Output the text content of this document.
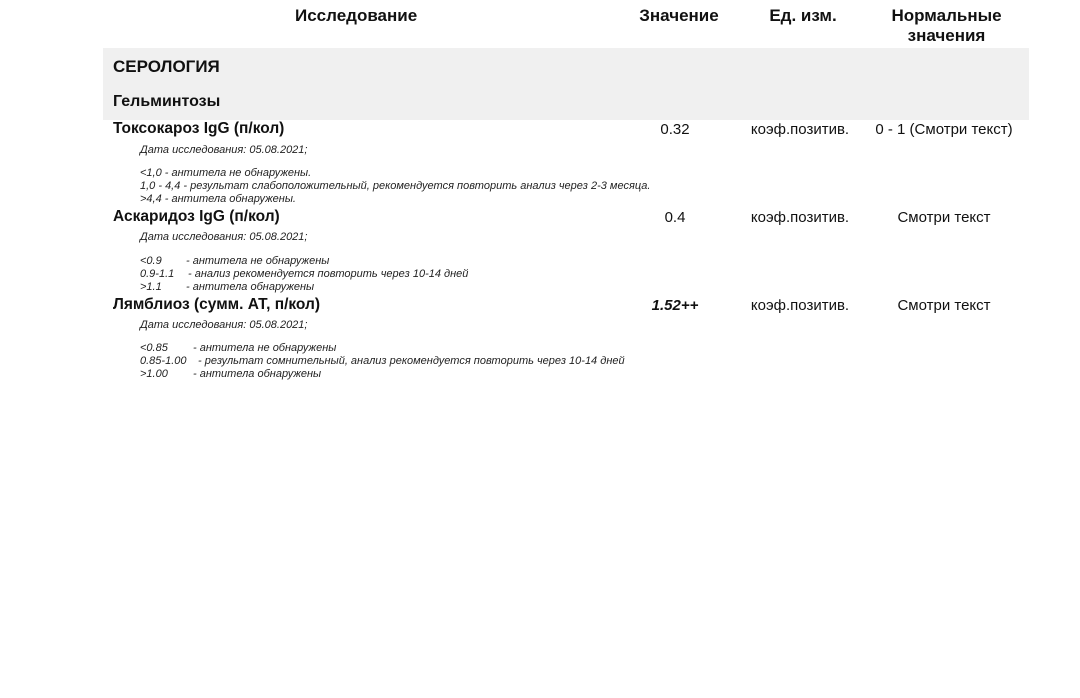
Исследование	Значение	Ед. изм.	Нормальные
значения
СЕРОЛОГИЯ
Гельминтозы
Токсокароз IgG (п/кол)	0.32	коэф.позитив.	0 - 1 (Смотри текст)
Дата исследования: 05.08.2021;
<1,0 - антитела не обнаружены.
1,0 - 4,4 - результат слабоположительный, рекомендуется повторить анализ через 2-3 месяца.
>4,4 - антитела обнаружены.
Аскаридоз IgG (п/кол)	0.4	коэф.позитив.	Смотри текст
Дата исследования: 05.08.2021;
<0.9 - антитела не обнаружены
0.9-1.1 - анализ рекомендуется повторить через 10-14 дней
>1.1 - антитела обнаружены
Лямблиоз (сумм. АТ, п/кол)	1.52++	коэф.позитив.	Смотри текст
Дата исследования: 05.08.2021;
<0.85 - антитела не обнаружены
0.85-1.00 - результат сомнительный, анализ рекомендуется повторить через 10-14 дней
>1.00 - антитела обнаружены
